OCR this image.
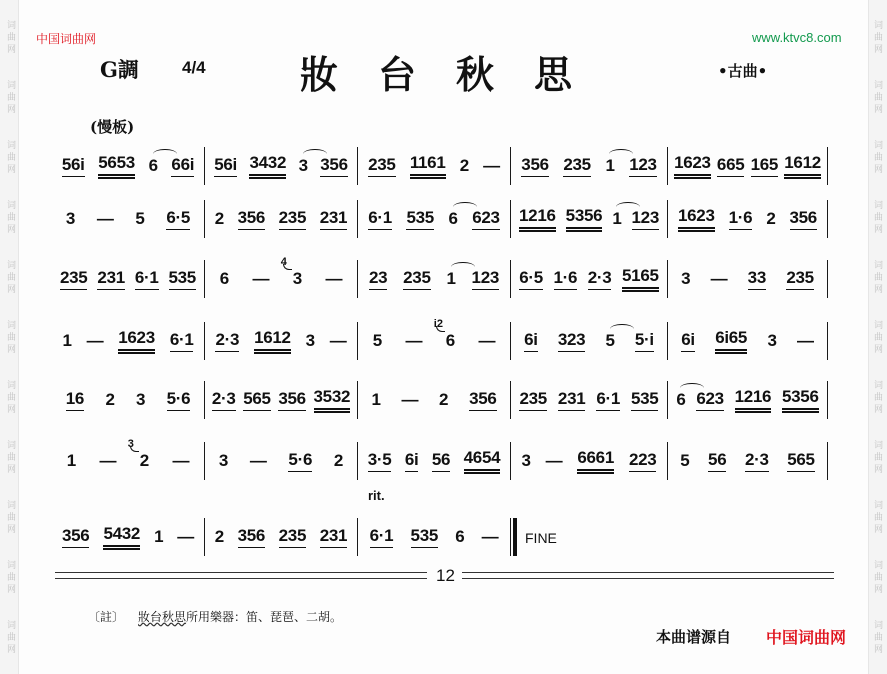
词曲网
词曲网
词曲网
词曲网
词曲网
词曲网
词曲网
词曲网
词曲网
词曲网
词曲网
词曲网
词曲网
词曲网
词曲网
词曲网
词曲网
词曲网
词曲网
词曲网
词曲网
词曲网
中国词曲网	www.ktvc8.com
G調	4/4 妝台秋思	•古曲•
(慢板)
56i 5653 6 66i 56i 3432 3 356 235 1161 2 — 356 235 1 123 1623 665 165 1612
3 — 5 6·5 2 356 235 231 6·1 535 6 623 1216 5356 1 123 1623 1·6 2 356
235 231 6·1 535 6 — 3
4
— 23 235 1 123 6·5 1·6 2·3 5165 3 — 33 235
1 — 1623 6·1 2·3 1612 3 — 5 — 6
i2
— 6i 323 5 5·i 6i 6i65 3 —
16 2 3 5·6 2·3 565 356 3532 1 — 2 356 235 231 6·1 535 6 623 1216 5356
1 — 2
3
— 3 — 5·6 2 3·5 6i 56 4654 3 — 6661 223 5 56 2·3 565
356 5432 1 — 2 356 235 231 6·1 535 6 — FINE
rit.
12
〔註〕 妝台秋思所用樂器：笛、琵琶、二胡。
本曲谱源自 中国词曲网
